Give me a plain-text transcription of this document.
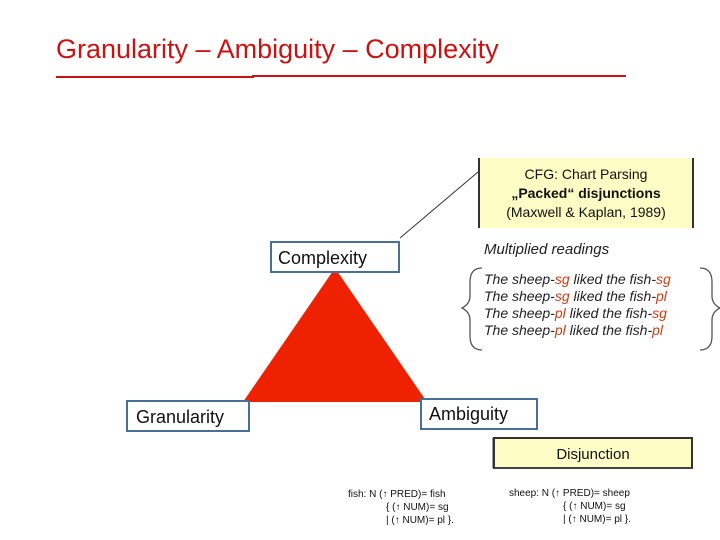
Granularity – Ambiguity – Complexity
CFG: Chart Parsing
„Packed“ disjunctions
(Maxwell & Kaplan, 1989)
Complexity	Multiplied readings
The sheep-sg liked the fish-sg
The sheep-sg liked the fish-pl
The sheep-pl liked the fish-sg
The sheep-pl liked the fish-pl
Granularity	Ambiguity
Disjunction
fish: N (↑ PRED)= fish
{ (↑ NUM)= sg
| (↑ NUM)= pl }.
sheep: N (↑ PRED)= sheep
{ (↑ NUM)= sg
| (↑ NUM)= pl }.
